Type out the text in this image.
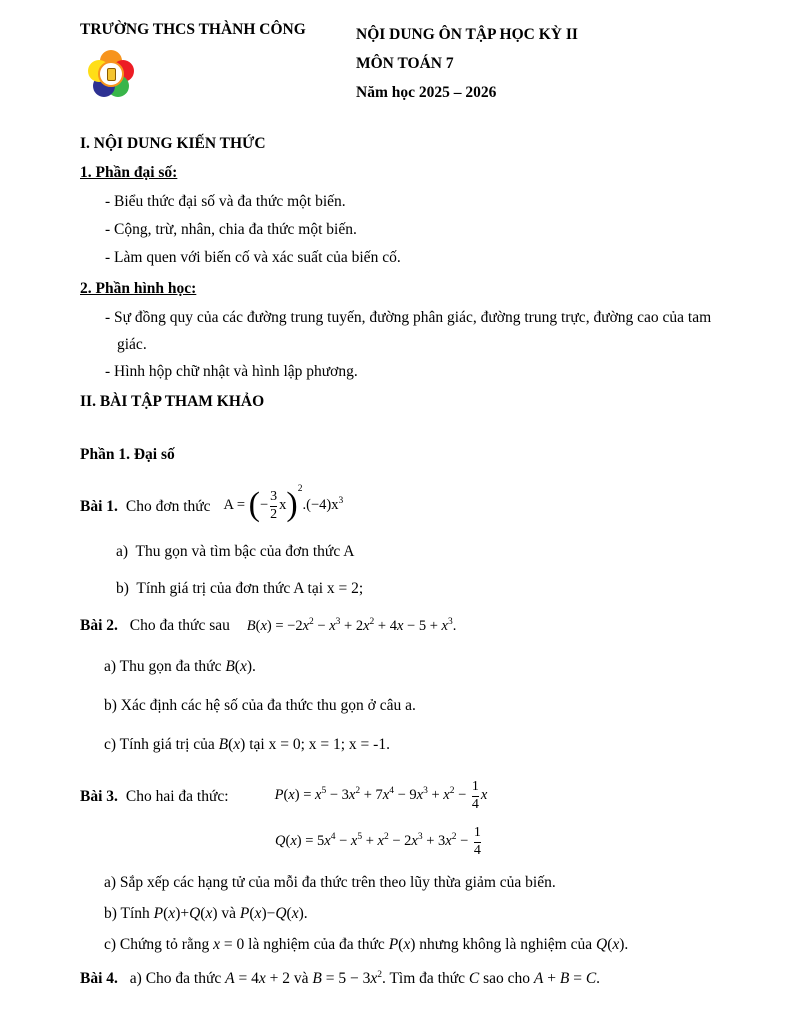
TRƯỜNG THCS THÀNH CÔNG	NỘI DUNG ÔN TẬP HỌC KỲ II
MÔN TOÁN 7
Năm học 2025 – 2026
I. NỘI DUNG KIẾN THỨC
1. Phần đại số:
- Biểu thức đại số và đa thức một biến.
- Cộng, trừ, nhân, chia đa thức một biến.
- Làm quen với biến cố và xác suất của biến cố.
2. Phần hình học:
- Sự đồng quy của các đường trung tuyến, đường phân giác, đường trung trực, đường cao của tam
giác.
- Hình hộp chữ nhật và hình lập phương.
II. BÀI TẬP THAM KHẢO
Phần 1. Đại số
Bài 1. Cho đơn thức A = (− $\frac{3}{2} x)^2.(-4)x^3$
a)  Thu gọn và tìm bậc của đơn thức A
b)  Tính giá trị của đơn thức A tại x = 2;
Bài 2. Cho đa thức sau $B(x) = -2x^2 - x^3 + 2x^2 + 4x - 5 + x^3$.
a) Thu gọn đa thức B(x).
b) Xác định các hệ số của đa thức thu gọn ở câu a.
c) Tính giá trị của B(x) tại x = 0; x = 1; x = -1.
Bài 3. Cho hai đa thức:	$P(x) = x^5 - 3x^2 + 7x^4 - 9x^3 + x^2 - \frac{1}{4}$ x
$Q(x) = 5x^4 - x^5 + x^2 - 2x^3 + 3x^2 - \frac{1}{4}$
a) Sắp xếp các hạng tử của mỗi đa thức trên theo lũy thừa giảm của biến.
b) Tính P(x)+Q(x) và P(x)−Q(x).
c) Chứng tỏ rằng x = 0 là nghiệm của đa thức P(x) nhưng không là nghiệm của Q(x).
Bài 4. a) Cho đa thức A = 4x + 2 và $B = 5 - 3x^2$. Tìm đa thức C sao cho A + B = C.
